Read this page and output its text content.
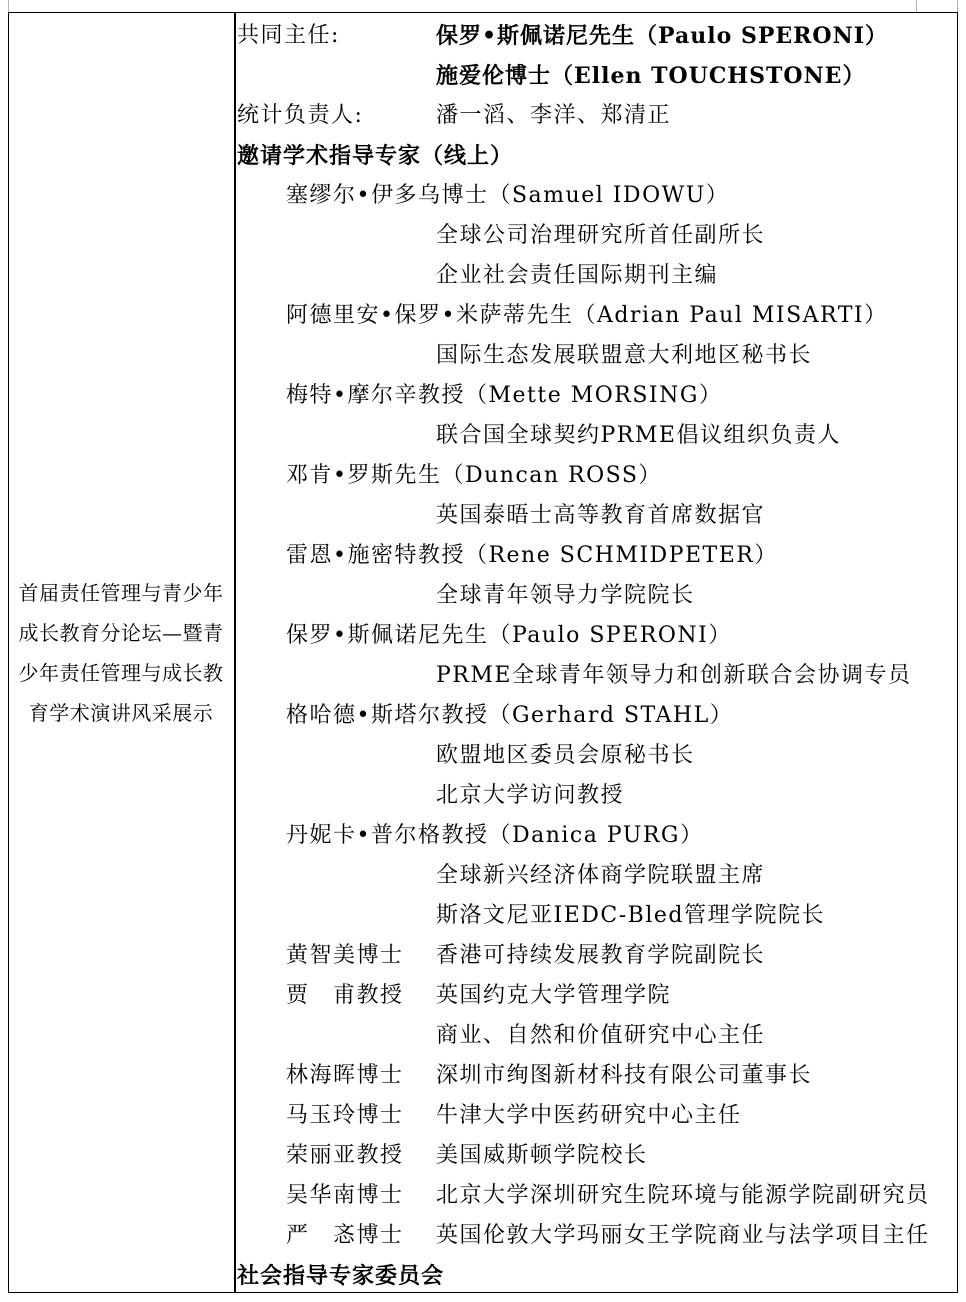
首届责任管理与青少年成长教育分论坛—暨青少年责任管理与成长教育学术演讲风采展示
共同主任:	保罗•斯佩诺尼先生（Paulo SPERONI）
施爱伦博士（Ellen TOUCHSTONE）
统计负责人:	潘一滔、李洋、郑清正
邀请学术指导专家（线上）
塞缪尔•伊多乌博士（Samuel IDOWU）
全球公司治理研究所首任副所长
企业社会责任国际期刊主编
阿德里安•保罗•米萨蒂先生（Adrian Paul MISARTI）
国际生态发展联盟意大利地区秘书长
梅特•摩尔辛教授（Mette MORSING）
联合国全球契约PRME倡议组织负责人
邓肯•罗斯先生（Duncan ROSS）
英国泰晤士高等教育首席数据官
雷恩•施密特教授（Rene SCHMIDPETER）
全球青年领导力学院院长
保罗•斯佩诺尼先生（Paulo SPERONI）
PRME全球青年领导力和创新联合会协调专员
格哈德•斯塔尔教授（Gerhard STAHL）
欧盟地区委员会原秘书长
北京大学访问教授
丹妮卡•普尔格教授（Danica PURG）
全球新兴经济体商学院联盟主席
斯洛文尼亚IEDC-Bled管理学院院长
黄智美博士 香港可持续发展教育学院副院长
贾　甫教授 英国约克大学管理学院
商业、自然和价值研究中心主任
林海晖博士 深圳市绚图新材科技有限公司董事长
马玉玲博士 牛津大学中医药研究中心主任
荣丽亚教授 美国威斯顿学院校长
吴华南博士 北京大学深圳研究生院环境与能源学院副研究员
严　忞博士 英国伦敦大学玛丽女王学院商业与法学项目主任
社会指导专家委员会
